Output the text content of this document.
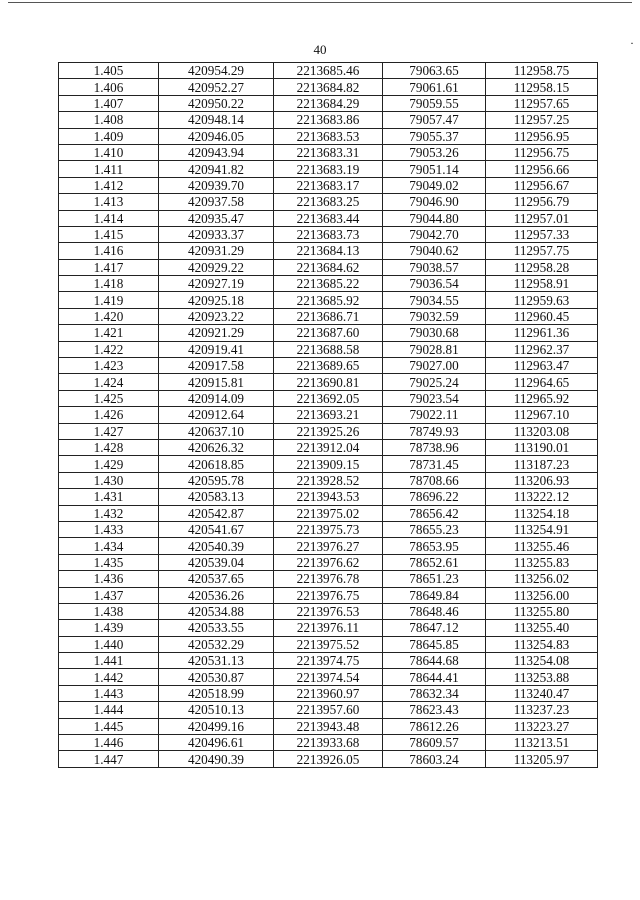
40	·
1.405	420954.29	2213685.46	79063.65	112958.75
1.406	420952.27	2213684.82	79061.61	112958.15
1.407	420950.22	2213684.29	79059.55	112957.65
1.408	420948.14	2213683.86	79057.47	112957.25
1.409	420946.05	2213683.53	79055.37	112956.95
1.410	420943.94	2213683.31	79053.26	112956.75
1.411	420941.82	2213683.19	79051.14	112956.66
1.412	420939.70	2213683.17	79049.02	112956.67
1.413	420937.58	2213683.25	79046.90	112956.79
1.414	420935.47	2213683.44	79044.80	112957.01
1.415	420933.37	2213683.73	79042.70	112957.33
1.416	420931.29	2213684.13	79040.62	112957.75
1.417	420929.22	2213684.62	79038.57	112958.28
1.418	420927.19	2213685.22	79036.54	112958.91
1.419	420925.18	2213685.92	79034.55	112959.63
1.420	420923.22	2213686.71	79032.59	112960.45
1.421	420921.29	2213687.60	79030.68	112961.36
1.422	420919.41	2213688.58	79028.81	112962.37
1.423	420917.58	2213689.65	79027.00	112963.47
1.424	420915.81	2213690.81	79025.24	112964.65
1.425	420914.09	2213692.05	79023.54	112965.92
1.426	420912.64	2213693.21	79022.11	112967.10
1.427	420637.10	2213925.26	78749.93	113203.08
1.428	420626.32	2213912.04	78738.96	113190.01
1.429	420618.85	2213909.15	78731.45	113187.23
1.430	420595.78	2213928.52	78708.66	113206.93
1.431	420583.13	2213943.53	78696.22	113222.12
1.432	420542.87	2213975.02	78656.42	113254.18
1.433	420541.67	2213975.73	78655.23	113254.91
1.434	420540.39	2213976.27	78653.95	113255.46
1.435	420539.04	2213976.62	78652.61	113255.83
1.436	420537.65	2213976.78	78651.23	113256.02
1.437	420536.26	2213976.75	78649.84	113256.00
1.438	420534.88	2213976.53	78648.46	113255.80
1.439	420533.55	2213976.11	78647.12	113255.40
1.440	420532.29	2213975.52	78645.85	113254.83
1.441	420531.13	2213974.75	78644.68	113254.08
1.442	420530.87	2213974.54	78644.41	113253.88
1.443	420518.99	2213960.97	78632.34	113240.47
1.444	420510.13	2213957.60	78623.43	113237.23
1.445	420499.16	2213943.48	78612.26	113223.27
1.446	420496.61	2213933.68	78609.57	113213.51
1.447	420490.39	2213926.05	78603.24	113205.97
